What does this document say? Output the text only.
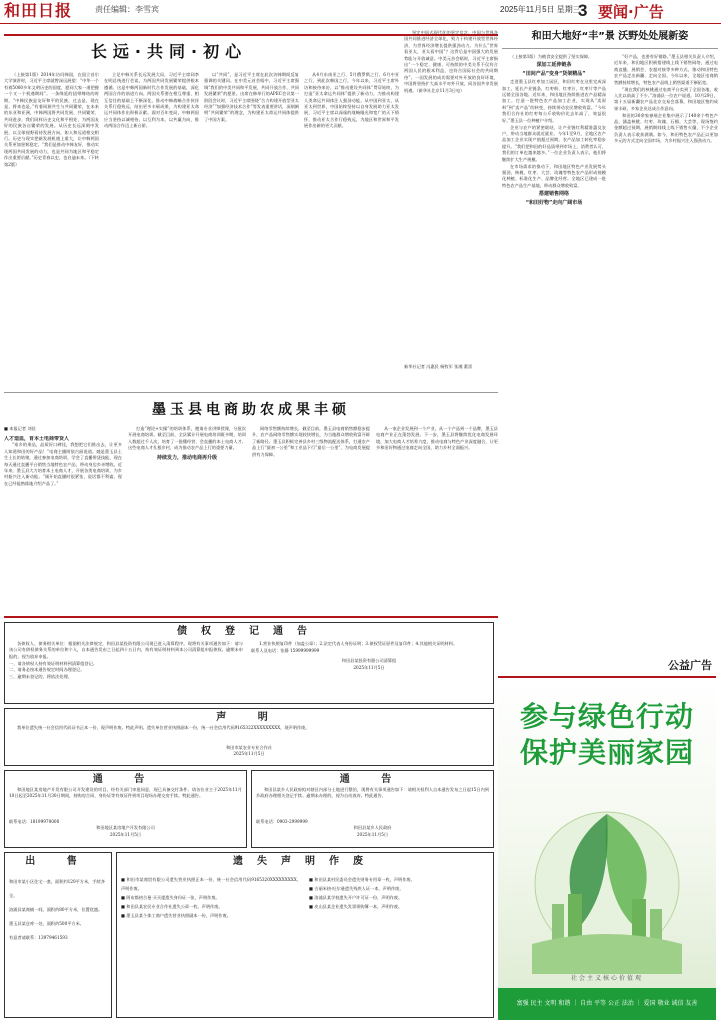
和田日报	责任编辑：李雪宾	2025年11月5日 星期三
3 要闻·广告
长远·共同·初心

（上接第1版）2014年访问韩国，在国立首尔大学演讲时，习近平主席就曾深远展望：“中华一个有着5000多年文明历史的国度，愿同大家一道把握一个又一个机遇期间”。一条绵延的纽带缔结的时期，“中韩民族是友好和平的民族，过去是，现在是，将来也是。”有着同源共生与共同繁荣，在未来的东亚和亚洲，中韩两国将共同发展、共同繁荣、共同进步，我们同样历史文化和平相处，为两国友好的民族各自繁荣的发展。从历史长远深刻中发展，以全球视野看待发展方向，如人和远道相交相行。历史与现实把新发展机遇上重大，让中韩两国关系更加坚韧稳定。“我们是推动中韩友好，推动实现两国共同发展的动力，也是共同为地区和平稳定作出重要贡献。”历史青春以史，也启迪未来。（下转第2版）

立足中韩关系长远发展大局，习近平主席同李在明总统进行会谈，为两国共同发展繁荣提供根本遵循。这是中韩两国新时代合作发展的基础，深化两国合作的前进方向。两国关系要在相互尊重、相互信任的基础上不断深化，推动中韩战略合作伙伴关系行稳致远，结出更多丰硕成果，为构建亚太命运共同体作出积极贡献。面对百年变局，中韩两国应当坚持以诚相待，以互利为本，以共赢为向，推动两国合作迈上新台阶。

以“共同”，是习近平主席在此次访韩期间反复强调的关键词。在中美元首会晤中，习近平主席强调“我们的中美共同和平发展，共同开放合作，共同发展繁荣”的愿景。出席在韩举行的APEC会议第一阶段会议时，习近平主席围绕“合力构建开放型亚太经济”“加强经济技术合作”等发表重要讲话，深刻阐明“共同繁荣”的理念，为构建亚太命运共同体提供了中国方案。

从4月东南亚之行、5月俄罗斯之行、6月中亚之行，到此次韩国之行，今年以来，习近平主席外访和接待来访，以“推动建设共同体”贯穿始终，为打造“亚太命运共同体”提供了新动力，为推动构建人类命运共同体注入强劲动能。从中国到亚太，从亚太到世界，中国始终坚持以自身发展助力亚太发展，习近平主席以深邃的战略眼光和宽广的天下情怀，推动亚太合作行稳致远，为地区和世界和平发展作出新的更大贡献。

坚定中国式现代化的坚定信念，中国与世界各国共同推进经济全球化，致力于构建开放型世界经济，为世界经济增长提供强劲动力。为什么“世界看亚太，亚太看中国”？这背后是中国强大的发展势能与开放诚意。中美元首会晤时，习近平主席指出“一个稳定、健康、可持续的中美关系不仅符合两国人民的根本利益，也符合国际社会的共同期待”。一国发展的成功需要对外开放的良好环境，中国将坚持扩大高水平对外开放，同各国共享发展机遇。（新华社北京11月3日电）

新华社记者 冯惠民 杨牧军 张湘 董雷
和田大地好“丰”景 沃野处处展新姿

（上接第1版）为粮食安全提供了坚实保障。

深加工延伸链条
“田间产品”变身“货架精品”

走进墨玉县红枣加工园区，和田红枣在这里完成深加工，延长产业链条，红枣粉、红枣汁、红枣片等产品远销全国各地。近年来，和田地区持续推进农产品精深加工，打造一批特色农产品加工企业，实现从“卖原料”到“卖产品”的转变，持续带动农民增收致富。“今年我们合作社的红枣每公斤收购价比去年高了，效益很好。”墨玉县一位种植户介绍。

企业与农户的紧密联结，让产业链红利精准惠及农户，带动当地群众就近就业。今年1至9月，全地区农产品加工企业实现产值超过预期，农产品加工转化率稳步提升。“我们把和田的好品质带到市场上，消费者认可，我们的订单也越来越多。”一位企业负责人表示，他们将继续扩大生产规模。

在市场需求的推动下，和田地区特色产业发展势头强劲，核桃、红枣、大芸、玫瑰等特色农产品形成规模化种植、标准化生产、品牌化经营。全地区已建成一批特色农产品生产基地，带动群众增收致富。

搭建销售网络
“和田好物”走向广阔市场

“好产品，也要有好销路。”墨玉县相关负责人介绍，近年来，和田地区积极搭建线上线下销售网络，通过电商直播、展销会、农超对接等多种方式，推动和田特色农产品走出新疆、走向全国。今年以来，全地区电商销售额持续增长，特色农产品线上销售渠道不断拓宽。

“现在我们的核桃通过电商平台卖到了全国各地，收入比以前高了不少。”洛浦县一位农户说道。10月29日，第十五届新疆农产品北京交易会落幕，和田地区签约成果丰硕，多家企业达成合作意向。

和田的30余家参展企业集中展示了140余个特色产品，涵盖核桃、红枣、玫瑰、石榴、大芸等，现场签约金额超过预期，展销期间线上线下销售火爆，不少企业负责人表示收获满满。如今，和田特色农产品正以更加多元的方式走向全国市场，为乡村振兴注入强劲动力。

墨玉县电商助农成果丰硕
■ 本报记者 刘佳
人才造血，育本土电商带货人

“家乡的果品，品质好口碑佳，我想把它们推出去，让更多人知道和田的好产品！”电商主播阿依古丽说道。她是墨玉县土生土长的姑娘，通过参加电商培训，学会了直播带货技能，现在每天通过直播平台销售当地特色农产品，带动身边乡亲增收。近年来，墨玉县大力培育本土电商人才，开展各类电商培训，为乡村振兴注入新动能。“刚开始直播时很紧张，说话都不利索，现在已经能熟练地介绍产品了。”

打造“理论+实操”的培训体系，邀请专业讲师授课，分批次开展电商培训。截至目前，全县累计开展电商培训班多期，培训人数超过千人次，培育了一批懂经营、会直播的本土电商人才。这些电商人才扎根乡村，成为推动农产品上行的重要力量。

持续发力，推动电商再升级

网络零售额持续增长，截至目前，墨玉县电商销售额稳步提升，农产品网络零售额实现较快增长，为当地群众增收致富开辟了新路径。墨玉县积极完善县乡村三级物流配送体系，打通农产品上行“最初一公里”和工业品下行“最后一公里”，为电商发展提供有力保障。

从一家企业发展到一个产业，从一个产品到一个品牌，墨玉县电商产业正在蓬勃发展。下一步，墨玉县将继续优化电商发展环境，加大电商人才培养力度，推动电商与特色产业深度融合，让更多和田好物通过电商走向全国，助力乡村全面振兴。

债权登记通告

各债权人、债务相关单位：根据相关法律规定，和田县某投资有限公司现已进入清算程序。现将有关事项通告如下：请与该公司有债权债务关系的单位和个人，自本通告发布之日起四十五日内，持有效证明材料到本公司清算组申报债权。逾期未申报的，视为放弃申报。

一、请各债权人持有效证明材料到清算组登记。
二、请务必按本通告规定时间办理登记。
三、逾期未登记的，将依法处理。

1.营业执照复印件（加盖公章）；2.法定代表人身份证明；3.债权凭证原件及复印件；4.其他相关证明材料。

联系人及电话：张静 15999999999
和田县某投资有限公司清算组
2025年11月5日
声 明

我单位遗失统一社会信用代码证书正本一份，现声明作废。特此声明。遗失单位营业执照副本一份，统一社会信用代码9165322XXXXXXXXX，现声明作废。

和田市某农业专业合作社
2025年11月5日
通 告

和田地区某房地产开发有限公司开发建设的项目，经有关部门审批同意，现已具备交付条件。请各位业主于2025年11月10日起至2025年11月30日期间，持购房合同、身份证等有效证件到项目现场办理交房手续。特此通告。

联系电话：18199970000
和田地区某房地产开发有限公司
2025年11月5日
通 告

和田县某乡人民政府拟对辖区内部分土地进行整治，现将有关事项通告如下：请相关权利人自本通告发布之日起15日内到乡政府办理相关登记手续。逾期未办理的，视为自动放弃。特此通告。

联系电话：0903-2999999
和田县某乡人民政府
2025年11月5日
出 售
和田市某小区住宅一套，面积约120平方米，手续齐全。
洛浦县某商铺一间，面积约80平方米，位置优越。
墨玉县某仓库一处，面积约500平方米。
有意者请联系：13979461593
遗失声明作废
■ 和田市某商贸有限公司遗失营业执照正本一份，统一社会信用代码9165320XXXXXXXXX，声明作废。
■ 阿布都热合曼·买买提遗失身份证一张，声明作废。
■ 和田县某农民专业合作社遗失公章一枚，声明作废。
■ 墨玉县某个体工商户遗失营业执照副本一份，声明作废。
■ 和田县某村民委员会遗失财务专用章一枚，声明作废。
■ 古丽米热·吐尔逊遗失残疾人证一本，声明作废。
■ 洛浦县某学校遗失开户许可证一份，声明作废。
■ 皮山县某企业遗失发票领购簿一本，声明作废。
公益广告
参与绿色行动
保护美丽家园
社会主义核心价值观
富强 民主 文明 和谐 ｜ 自由 平等 公正 法治 ｜ 爱国 敬业 诚信 友善
